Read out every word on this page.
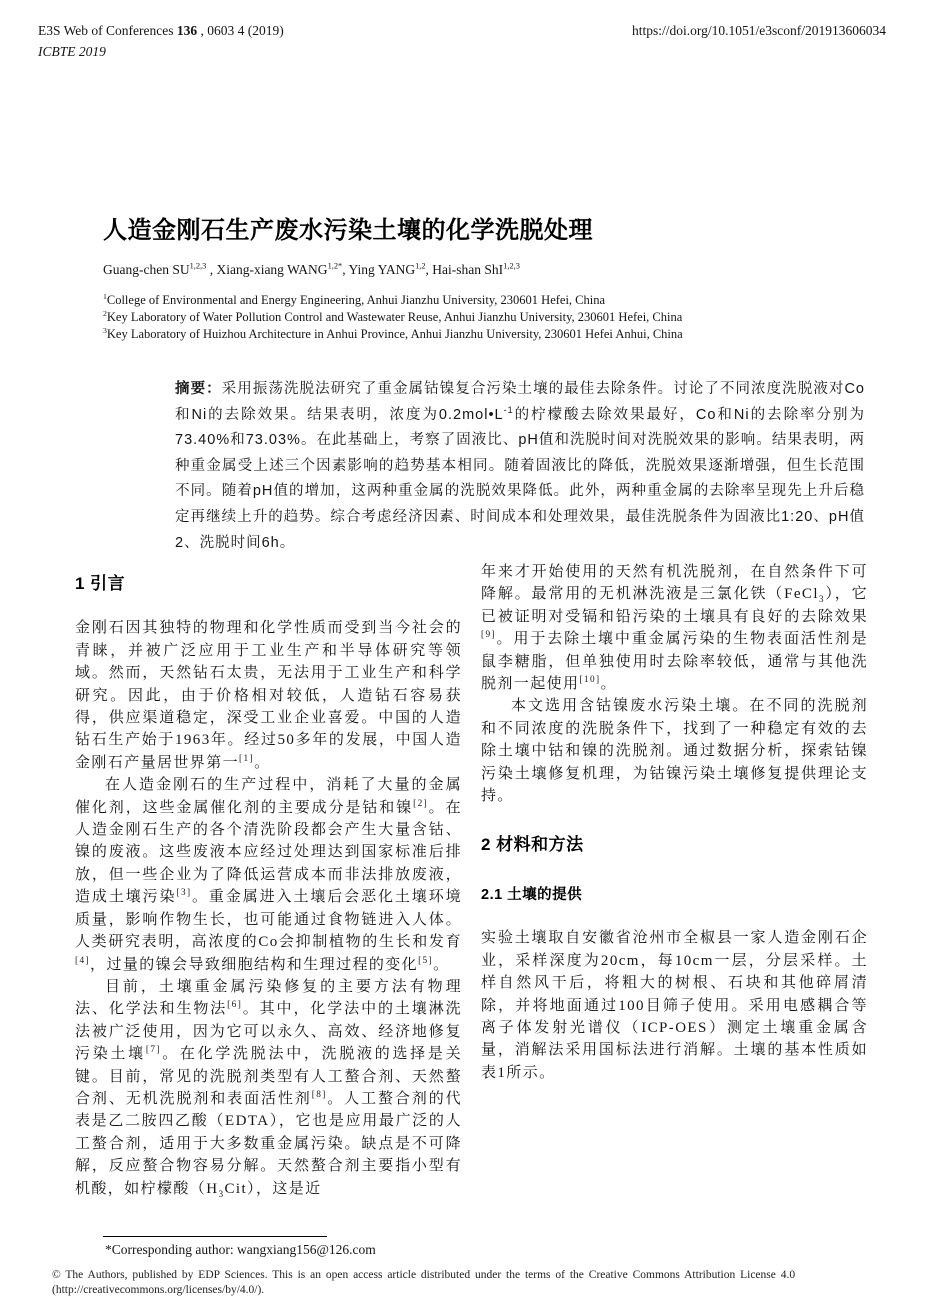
E3S Web of Conferences 136 , 0603 4 (2019)	https://doi.org/10.1051/e3sconf/201913606034
ICBTE 2019
人造金刚石生产废水污染土壤的化学洗脱处理
Guang-chen SU$^{1,2,3}$ , Xiang-xiang $WANG^{1,2*}$, Ying YANG$^{1,2}$, Hai-shan ShI$^{1,2,3}$
$^1$College of Environmental and Energy Engineering, Anhui Jianzhu University, 230601 Hefei, China
$^2$Key Laboratory of Water Pollution Control and Wastewater Reuse, Anhui Jianzhu University, 230601 Hefei, China
$^3$Key Laboratory of Huizhou Architecture in Anhui Province, Anhui Jianzhu University, 230601 Hefei Anhui, China
摘要：采用振荡洗脱法研究了重金属钴镍复合污染土壤的最佳去除条件。讨论了不同浓度洗脱液对Co和Ni的去除效果。结果表明，浓度为$0.2mol•L^{-1}$的柠檬酸去除效果最好，Co和Ni的去除率分别为73.40%和73.03%。在此基础上，考察了固液比、pH值和洗脱时间对洗脱效果的影响。结果表明，两种重金属受上述三个因素影响的趋势基本相同。随着固液比的降低，洗脱效果逐渐增强，但生长范围不同。随着pH值的增加，这两种重金属的洗脱效果降低。此外，两种重金属的去除率呈现先上升后稳定再继续上升的趋势。综合考虑经济因素、时间成本和处理效果，最佳洗脱条件为固液比1:20、pH值2、洗脱时间6h。
1 引言

金刚石因其独特的物理和化学性质而受到当今社会的青睐，并被广泛应用于工业生产和半导体研究等领域。然而，天然钻石太贵，无法用于工业生产和科学研究。因此，由于价格相对较低，人造钻石容易获得，供应渠道稳定，深受工业企业喜爱。中国的人造钻石生产始于1963年。经过50多年的发展，中国人造金刚石产量居世界第一[1]。

在人造金刚石的生产过程中，消耗了大量的金属催化剂，这些金属催化剂的主要成分是钴和镍[2]。在人造金刚石生产的各个清洗阶段都会产生大量含钴、镍的废液。这些废液本应经过处理达到国家标准后排放，但一些企业为了降低运营成本而非法排放废液，造成土壤污染[3]。重金属进入土壤后会恶化土壤环境质量，影响作物生长，也可能通过食物链进入人体。人类研究表明，高浓度的Co会抑制植物的生长和发育[4]，过量的镍会导致细胞结构和生理过程的变化[5]。

目前，土壤重金属污染修复的主要方法有物理法、化学法和生物法[6]。其中，化学法中的土壤淋洗法被广泛使用，因为它可以永久、高效、经济地修复污染土壤[7]。在化学洗脱法中，洗脱液的选择是关键。目前，常见的洗脱剂类型有人工螯合剂、天然螯合剂、无机洗脱剂和表面活性剂[8]。人工螯合剂的代表是乙二胺四乙酸（EDTA），它也是应用最广泛的人工螯合剂，适用于大多数重金属污染。缺点是不可降解，反应螯合物容易分解。天然螯合剂主要指小型有机酸，如柠檬酸$(H_3Cit)$，这是近

年来才开始使用的天然有机洗脱剂，在自然条件下可降解。最常用的无机淋洗液是三氯化铁（FeCl$_3$），它已被证明对受镉和铅污染的土壤具有良好的去除效果[9]。用于去除土壤中重金属污染的生物表面活性剂是鼠李糖脂，但单独使用时去除率较低，通常与其他洗脱剂一起使用[10]。

本文选用含钴镍废水污染土壤。在不同的洗脱剂和不同浓度的洗脱条件下，找到了一种稳定有效的去除土壤中钴和镍的洗脱剂。通过数据分析，探索钴镍污染土壤修复机理，为钴镍污染土壤修复提供理论支持。

2 材料和方法
2.1 土壤的提供

实验土壤取自安徽省沧州市全椒县一家人造金刚石企业，采样深度为20cm，每10cm一层，分层采样。土样自然风干后，将粗大的树根、石块和其他碎屑清除，并将地面通过100目筛子使用。采用电感耦合等离子体发射光谱仪（ICP-OES）测定土壤重金属含量，消解法采用国标法进行消解。土壤的基本性质如表1所示。

*Corresponding author: wangxiang156@126.com
© The Authors, published by EDP Sciences. This is an open access article distributed under the terms of the Creative Commons Attribution License 4.0
(http://creativecommons.org/licenses/by/4.0/).
